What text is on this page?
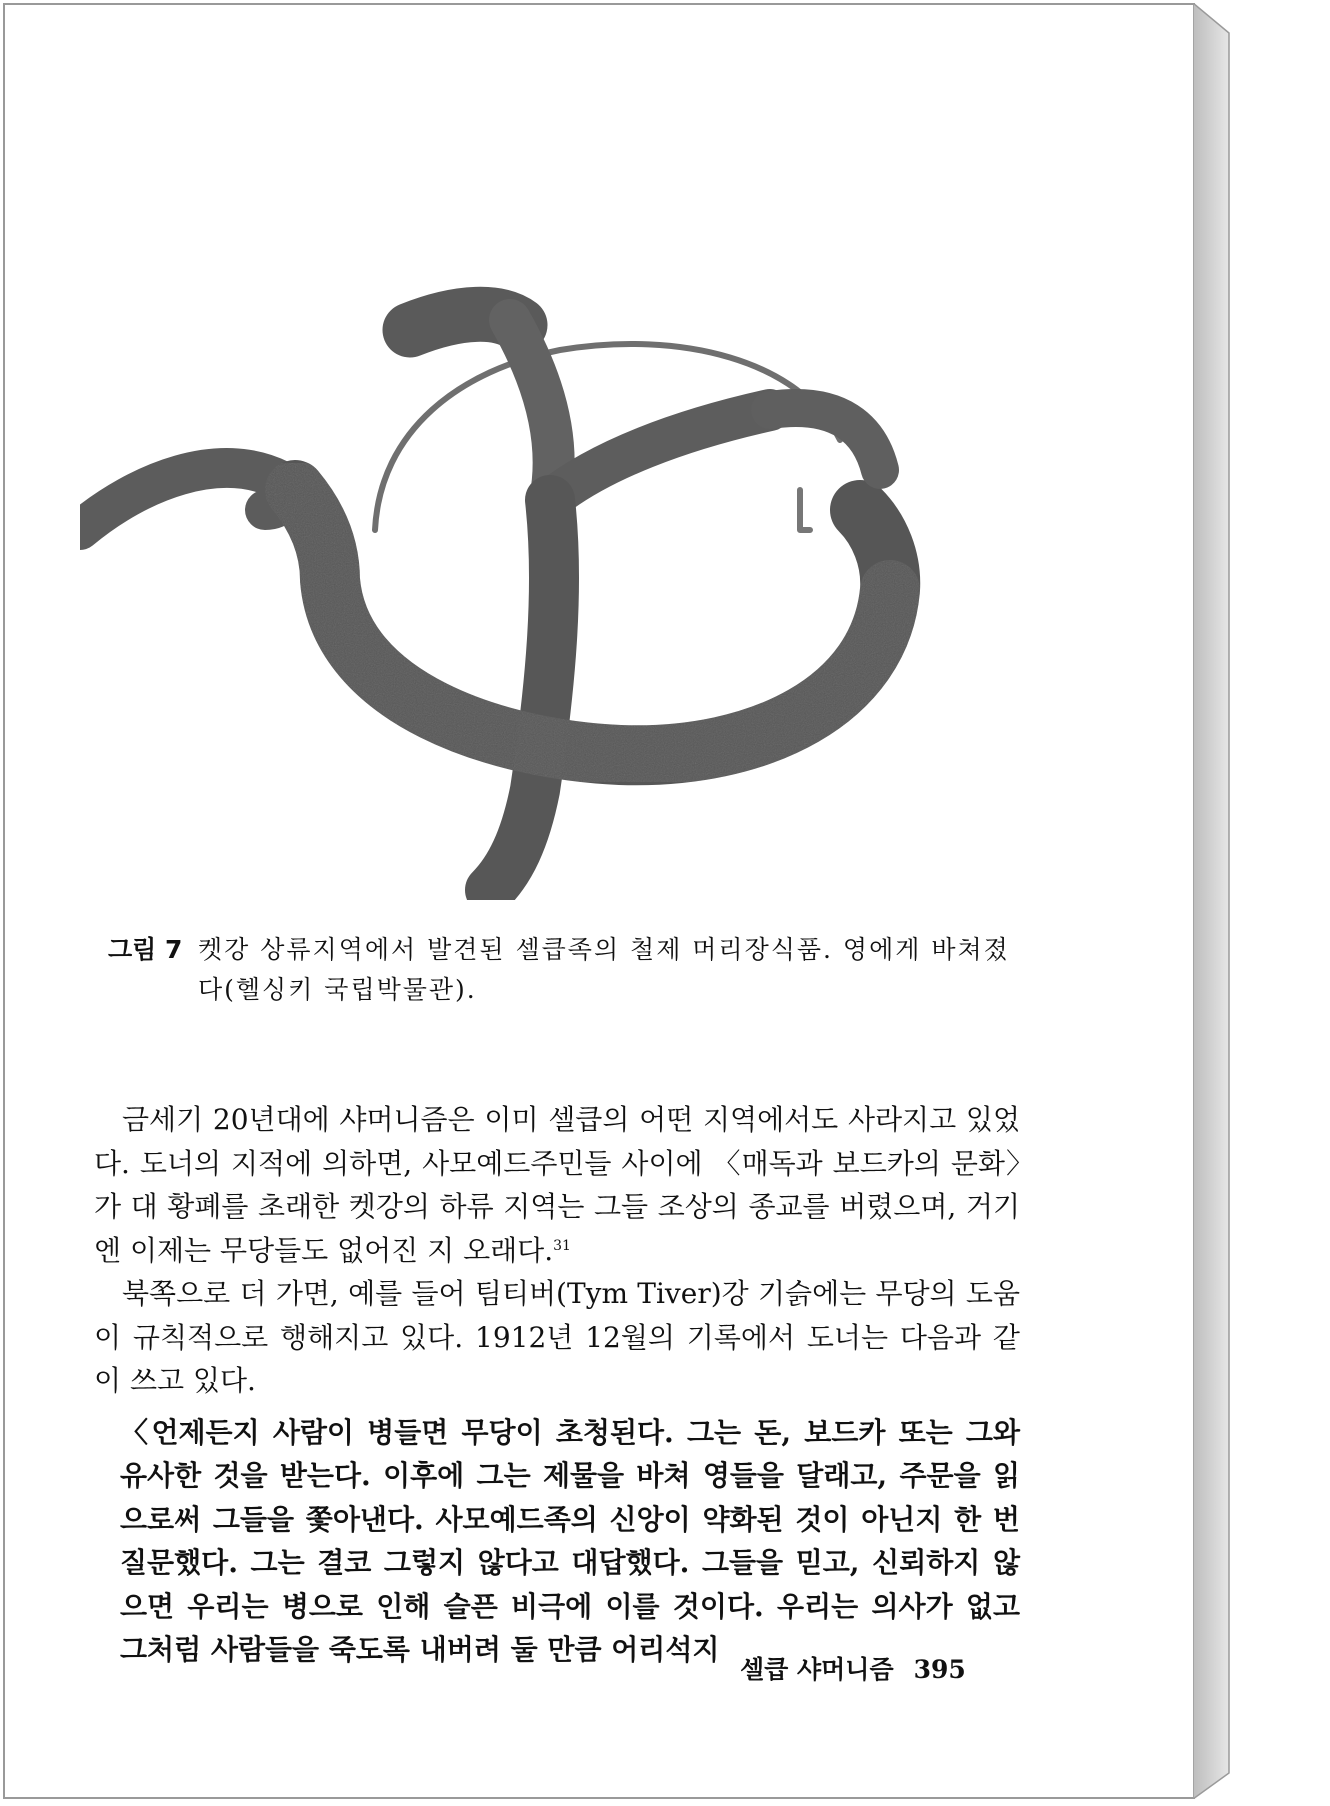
그림 7 켓강 상류지역에서 발견된 셀큽족의 철제 머리장식품. 영에게 바쳐졌다(헬싱키 국립박물관).

금세기 20년대에 샤머니즘은 이미 셀큽의 어떤 지역에서도 사라지고 있었다. 도너의 지적에 의하면, 사모예드주민들 사이에 〈매독과 보드카의 문화〉가 대 황폐를 초래한 켓강의 하류 지역는 그들 조상의 종교를 버렸으며, 거기엔 이제는 무당들도 없어진 지 오래다.$^{31}$

북쪽으로 더 가면, 예를 들어 팀티버(Tym Tiver)강 기슭에는 무당의 도움이 규칙적으로 행해지고 있다. 1912년 12월의 기록에서 도너는 다음과 같이 쓰고 있다.

〈언제든지 사람이 병들면 무당이 초청된다. 그는 돈, 보드카 또는 그와 유사한 것을 받는다. 이후에 그는 제물을 바쳐 영들을 달래고, 주문을 읽으로써 그들을 쫓아낸다. 사모예드족의 신앙이 약화된 것이 아닌지 한 번 질문했다. 그는 결코 그렇지 않다고 대답했다. 그들을 믿고, 신뢰하지 않으면 우리는 병으로 인해 슬픈 비극에 이를 것이다. 우리는 의사가 없고 그처럼 사람들을 죽도록 내버려 둘 만큼 어리석지

셀큽 샤머니즘 395
